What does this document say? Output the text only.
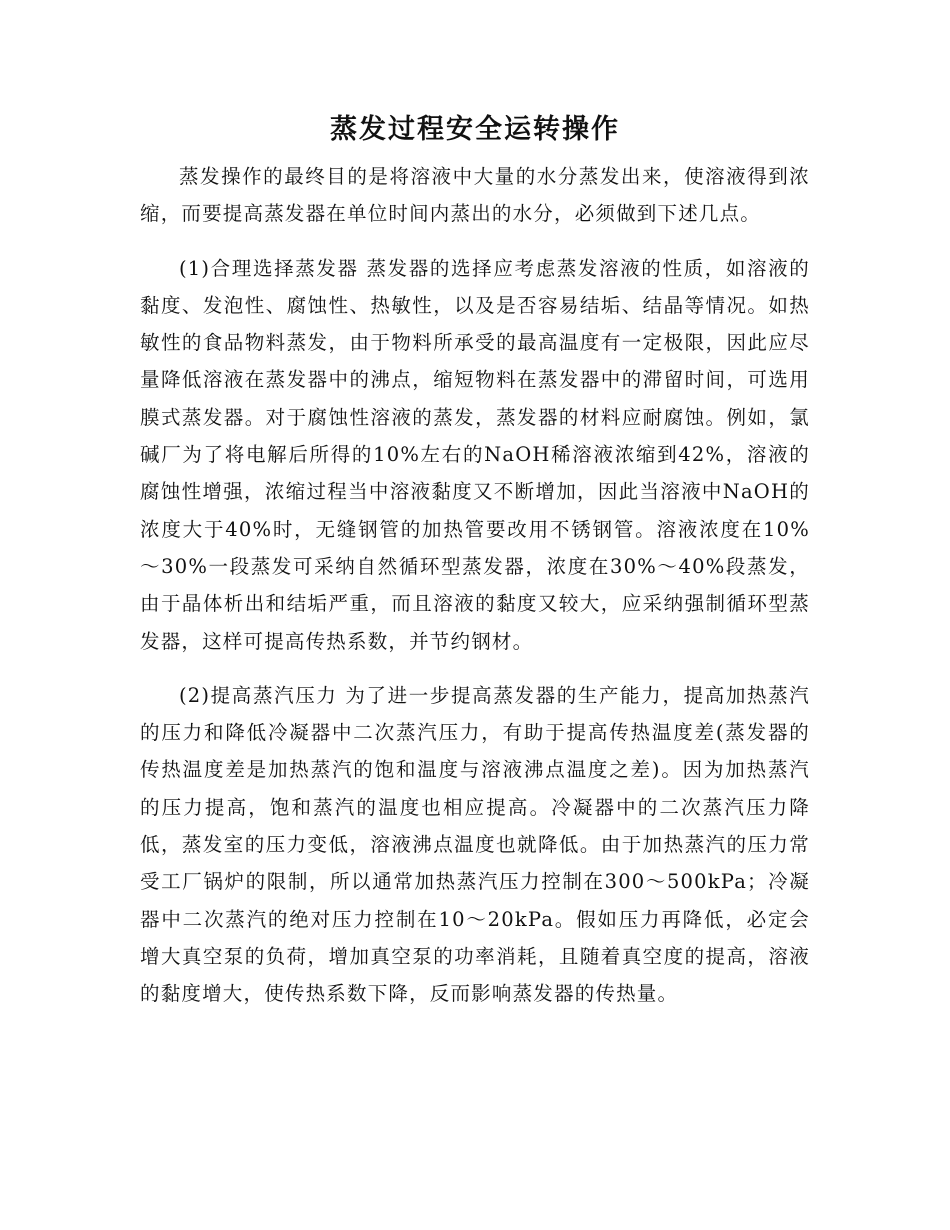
蒸发过程安全运转操作

蒸发操作的最终目的是将溶液中大量的水分蒸发出来，使溶液得到浓缩，而要提高蒸发器在单位时间内蒸出的水分，必须做到下述几点。

(1)合理选择蒸发器 蒸发器的选择应考虑蒸发溶液的性质，如溶液的黏度、发泡性、腐蚀性、热敏性，以及是否容易结垢、结晶等情况。如热敏性的食品物料蒸发，由于物料所承受的最高温度有一定极限，因此应尽量降低溶液在蒸发器中的沸点，缩短物料在蒸发器中的滞留时间，可选用膜式蒸发器。对于腐蚀性溶液的蒸发，蒸发器的材料应耐腐蚀。例如，氯碱厂为了将电解后所得的10%左右的NaOH稀溶液浓缩到42%，溶液的腐蚀性增强，浓缩过程当中溶液黏度又不断增加，因此当溶液中NaOH的浓度大于40%时，无缝钢管的加热管要改用不锈钢管。溶液浓度在10%～30%一段蒸发可采纳自然循环型蒸发器，浓度在30%～40%段蒸发，由于晶体析出和结垢严重，而且溶液的黏度又较大，应采纳强制循环型蒸发器，这样可提高传热系数，并节约钢材。

(2)提高蒸汽压力 为了进一步提高蒸发器的生产能力，提高加热蒸汽的压力和降低冷凝器中二次蒸汽压力，有助于提高传热温度差(蒸发器的传热温度差是加热蒸汽的饱和温度与溶液沸点温度之差)。因为加热蒸汽的压力提高，饱和蒸汽的温度也相应提高。冷凝器中的二次蒸汽压力降低，蒸发室的压力变低，溶液沸点温度也就降低。由于加热蒸汽的压力常受工厂锅炉的限制，所以通常加热蒸汽压力控制在300～500kPa；冷凝器中二次蒸汽的绝对压力控制在10～20kPa。假如压力再降低，必定会增大真空泵的负荷，增加真空泵的功率消耗，且随着真空度的提高，溶液的黏度增大，使传热系数下降，反而影响蒸发器的传热量。
